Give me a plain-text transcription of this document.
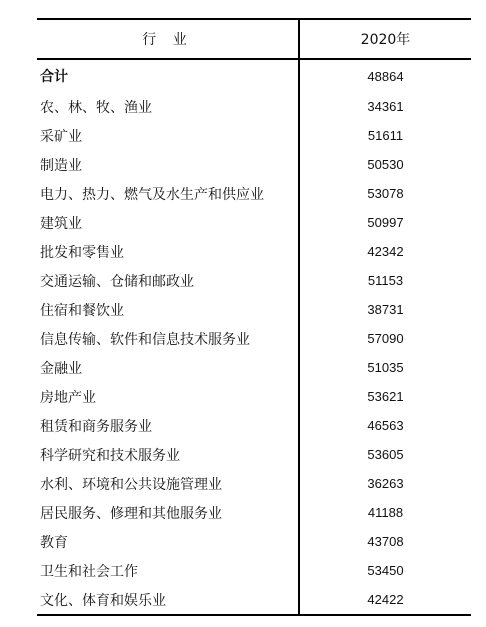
行 业	2020年
合计	48864
农、林、牧、渔业	34361
采矿业	51611
制造业	50530
电力、热力、燃气及水生产和供应业	53078
建筑业	50997
批发和零售业	42342
交通运输、仓储和邮政业	51153
住宿和餐饮业	38731
信息传输、软件和信息技术服务业	57090
金融业	51035
房地产业	53621
租赁和商务服务业	46563
科学研究和技术服务业	53605
水利、环境和公共设施管理业	36263
居民服务、修理和其他服务业	41188
教育	43708
卫生和社会工作	53450
文化、体育和娱乐业	42422
